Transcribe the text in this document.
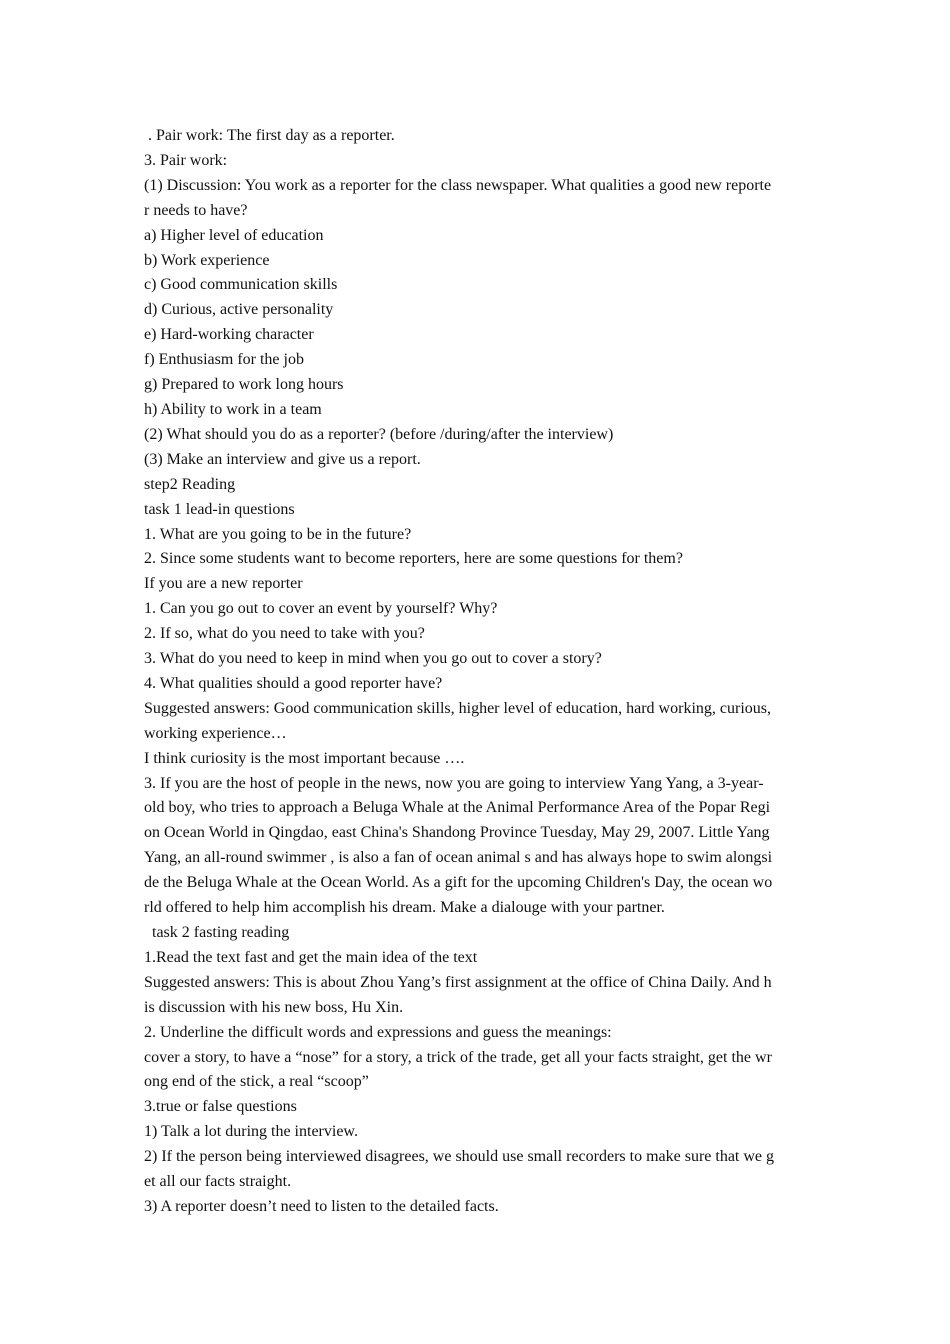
. Pair work: The first day as a reporter.

3. Pair work:

(1) Discussion: You work as a reporter for the class newspaper. What qualities a good new reporte

r needs to have?

a) Higher level of education

b) Work experience

c) Good communication skills

d) Curious, active personality

e) Hard-working character

f) Enthusiasm for the job

g) Prepared to work long hours

h) Ability to work in a team

(2) What should you do as a reporter? (before /during/after the interview)

(3) Make an interview and give us a report.

step2 Reading

task 1 lead-in questions

1. What are you going to be in the future?

2. Since some students want to become reporters, here are some questions for them?

If you are a new reporter

1. Can you go out to cover an event by yourself? Why?

2. If so, what do you need to take with you?

3. What do you need to keep in mind when you go out to cover a story?

4. What qualities should a good reporter have?

Suggested answers: Good communication skills, higher level of education, hard working, curious,

working experience…

I think curiosity is the most important because ….

3. If you are the host of people in the news, now you are going to interview Yang Yang, a 3-year-

old boy, who tries to approach a Beluga Whale at the Animal Performance Area of the Popar Regi

on Ocean World in Qingdao, east China's Shandong Province Tuesday, May 29, 2007. Little Yang

Yang, an all-round swimmer , is also a fan of ocean animal s and has always hope to swim alongsi

de the Beluga Whale at the Ocean World. As a gift for the upcoming Children's Day, the ocean wo

rld offered to help him accomplish his dream. Make a dialouge with your partner.

task 2 fasting reading

1.Read the text fast and get the main idea of the text

Suggested answers: This is about Zhou Yang’s first assignment at the office of China Daily. And h

is discussion with his new boss, Hu Xin.

2. Underline the difficult words and expressions and guess the meanings:

cover a story, to have a “nose” for a story, a trick of the trade, get all your facts straight, get the wr

ong end of the stick, a real “scoop”

3.true or false questions

1) Talk a lot during the interview.

2) If the person being interviewed disagrees, we should use small recorders to make sure that we g

et all our facts straight.

3) A reporter doesn’t need to listen to the detailed facts.
